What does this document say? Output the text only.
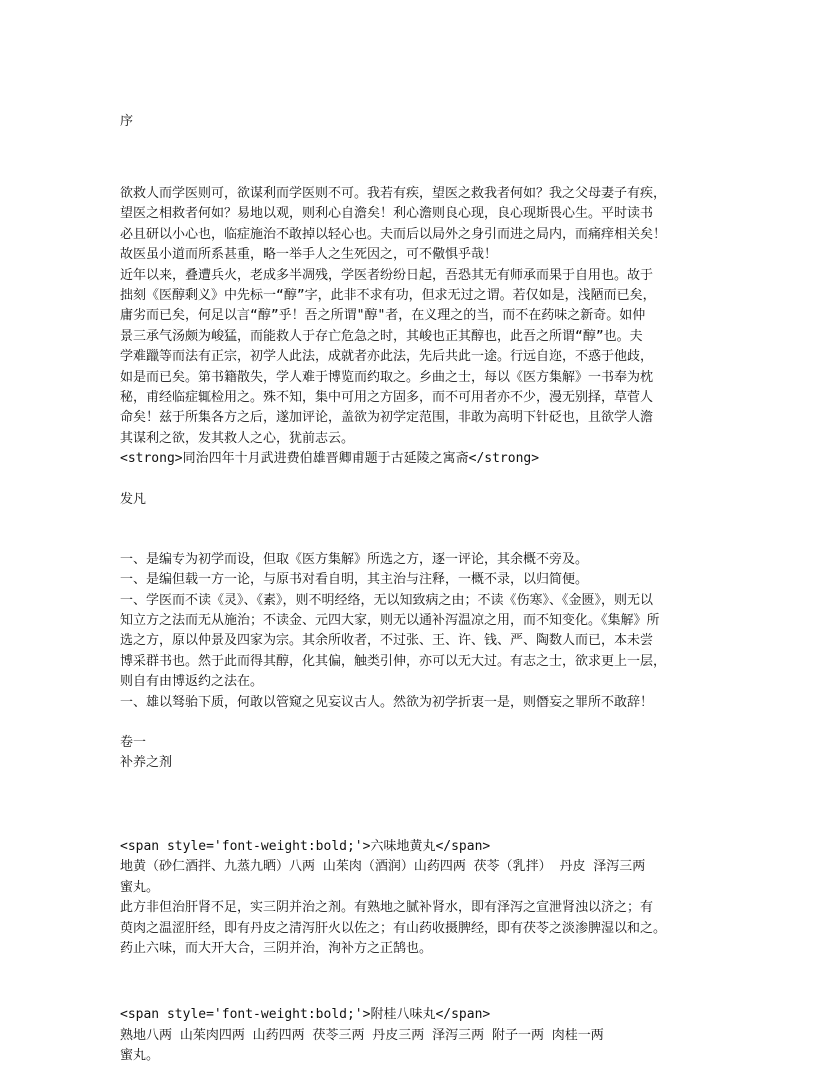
序
欲救人而学医则可，欲谋利而学医则不可。我若有疾，望医之救我者何如？我之父母妻子有疾，
望医之相救者何如？易地以观，则利心自澹矣！利心澹则良心现，良心现斯畏心生。平时读书
必且研以小心也，临症施治不敢掉以轻心也。夫而后以局外之身引而进之局内，而痛痒相关矣！
故医虽小道而所系甚重，略一举手人之生死因之，可不儆惧乎哉！
近年以来，叠遭兵火，老成多半凋残，学医者纷纷日起，吾恐其无有师承而果于自用也。故于
拙刻《医醇剩义》中先标一“醇”字，此非不求有功，但求无过之谓。若仅如是，浅陋而已矣，
庸劣而已矣，何足以言“醇”乎！吾之所谓"醇"者，在义理之的当，而不在药味之新奇。如仲
景三承气汤颇为峻猛，而能救人于存亡危急之时，其峻也正其醇也，此吾之所谓“醇”也。夫
学难躐等而法有正宗，初学人此法，成就者亦此法，先后共此一途。行远自迩，不惑于他歧，
如是而已矣。第书籍散失，学人难于博览而约取之。乡曲之士，每以《医方集解》一书奉为枕
秘，甫经临症辄检用之。殊不知，集中可用之方固多，而不可用者亦不少，漫无别择，草菅人
命矣！兹于所集各方之后，遂加评论，盖欲为初学定范围，非敢为高明下针砭也，且欲学人澹
其谋利之欲，发其救人之心，犹前志云。
<strong>同治四年十月武进费伯雄晋卿甫题于古延陵之寓斋</strong>
发凡
一、是编专为初学而设，但取《医方集解》所选之方，逐一评论，其余概不旁及。
一、是编但载一方一论，与原书对看自明，其主治与注释，一概不录，以归简便。
一、学医而不读《灵》、《素》，则不明经络，无以知致病之由；不读《伤寒》、《金匮》，则无以
知立方之法而无从施治；不读金、元四大家，则无以通补泻温凉之用，而不知变化。《集解》所
选之方，原以仲景及四家为宗。其余所收者，不过张、王、许、钱、严、陶数人而已，本未尝
博采群书也。然于此而得其醇，化其偏，触类引伸，亦可以无大过。有志之士，欲求更上一层，
则自有由博返约之法在。
一、雄以驽骀下质，何敢以管窥之见妄议古人。然欲为初学折衷一是，则僭妄之罪所不敢辞！
卷一
补养之剂
<span style='font-weight:bold;'>六味地黄丸</span>
地黄（砂仁酒拌、九蒸九晒）八两 山茱肉（酒润）山药四两 茯苓（乳拌） 丹皮 泽泻三两
蜜丸。
此方非但治肝肾不足，实三阴并治之剂。有熟地之腻补肾水，即有泽泻之宣泄肾浊以济之；有
萸肉之温涩肝经，即有丹皮之清泻肝火以佐之；有山药收摄脾经，即有茯苓之淡渗脾湿以和之。
药止六味，而大开大合，三阴并治，洵补方之正鹄也。
<span style='font-weight:bold;'>附桂八味丸</span>
熟地八两 山茱肉四两 山药四两 茯苓三两 丹皮三两 泽泻三两 附子一两 肉桂一两
蜜丸。
